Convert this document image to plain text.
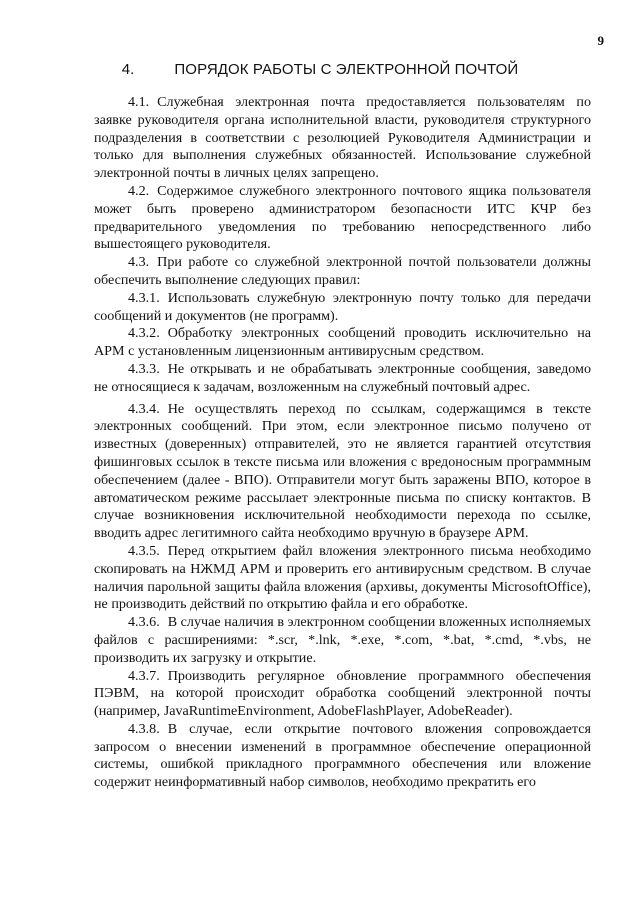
9
4.	ПОРЯДОК РАБОТЫ С ЭЛЕКТРОННОЙ ПОЧТОЙ

4.1. Служебная электронная почта предоставляется пользователям по заявке руководителя органа исполнительной власти, руководителя структурного подразделения в соответствии с резолюцией Руководителя Администрации и только для выполнения служебных обязанностей. Использование служебной электронной почты в личных целях запрещено.

4.2. Содержимое служебного электронного почтового ящика пользователя может быть проверено администратором безопасности ИТС КЧР без предварительного уведомления по требованию непосредственного либо вышестоящего руководителя.

4.3. При работе со служебной электронной почтой пользователи должны обеспечить выполнение следующих правил:

4.3.1. Использовать служебную электронную почту только для передачи сообщений и документов (не программ).

4.3.2. Обработку электронных сообщений проводить исключительно на АРМ с установленным лицензионным антивирусным средством.

4.3.3. Не открывать и не обрабатывать электронные сообщения, заведомо не относящиеся к задачам, возложенным на служебный почтовый адрес.

4.3.4. Не осуществлять переход по ссылкам, содержащимся в тексте электронных сообщений. При этом, если электронное письмо получено от известных (доверенных) отправителей, это не является гарантией отсутствия фишинговых ссылок в тексте письма или вложения с вредоносным программным обеспечением (далее - ВПО). Отправители могут быть заражены ВПО, которое в автоматическом режиме рассылает электронные письма по списку контактов. В случае возникновения исключительной необходимости перехода по ссылке, вводить адрес легитимного сайта необходимо вручную в браузере АРМ.

4.3.5. Перед открытием файл вложения электронного письма необходимо скопировать на НЖМД АРМ и проверить его антивирусным средством. В случае наличия парольной защиты файла вложения (архивы, документы MicrosoftOffice), не производить действий по открытию файла и его обработке.

4.3.6. В случае наличия в электронном сообщении вложенных исполняемых файлов с расширениями: *.scr, *.lnk, *.exe, *.com, *.bat, *.cmd, *.vbs, не производить их загрузку и открытие.

4.3.7. Производить регулярное обновление программного обеспечения ПЭВМ, на которой происходит обработка сообщений электронной почты (например, JavaRuntimeEnvironment, AdobeFlashPlayer, AdobeReader).

4.3.8. В случае, если открытие почтового вложения сопровождается запросом о внесении изменений в программное обеспечение операционной системы, ошибкой прикладного программного обеспечения или вложение содержит неинформативный набор символов, необходимо прекратить его
